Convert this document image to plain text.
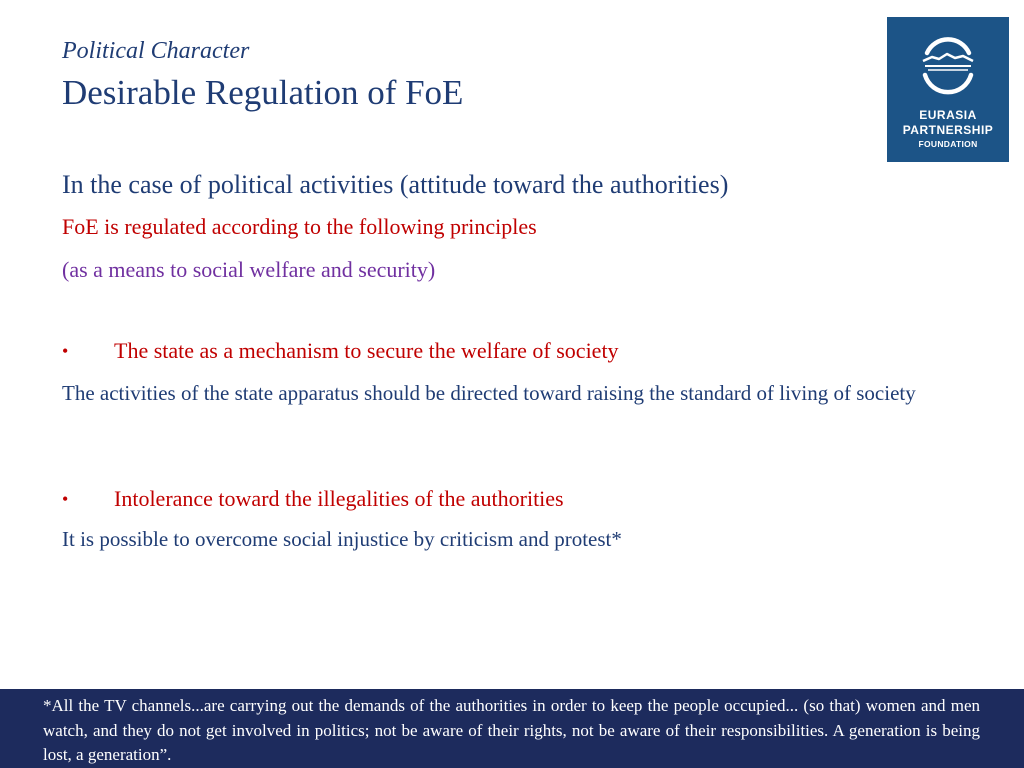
Political Character
Desirable Regulation of FoE
EURASIA
PARTNERSHIP
FOUNDATION
In the case of political activities (attitude toward the authorities)
FoE is regulated according to the following principles
(as a means to social welfare and security)
• The state as a mechanism to secure the welfare of society
The activities of the state apparatus should be directed toward raising the standard of living of society
• Intolerance toward the illegalities of the authorities
It is possible to overcome social injustice by criticism and protest*
*All the TV channels...are carrying out the demands of the authorities in order to keep the people occupied... (so that) women and men watch, and they do not get involved in politics; not be aware of their rights, not be aware of their responsibilities. A generation is being lost, a generation”.
